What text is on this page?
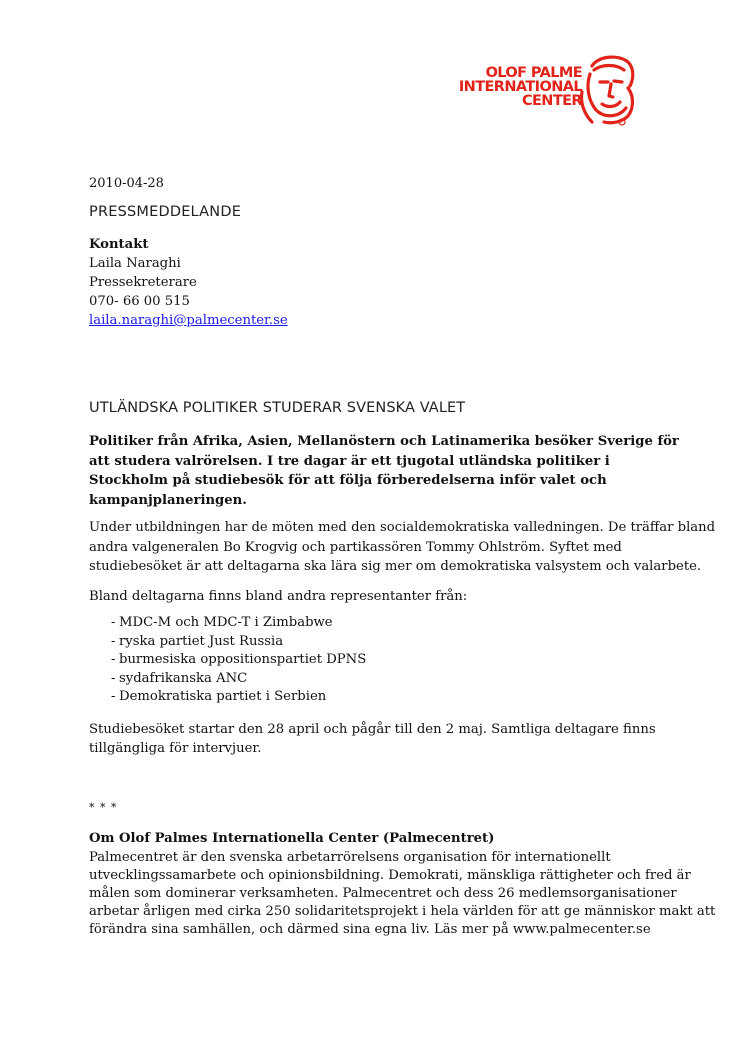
OLOF PALME
INTERNATIONAL
CENTER
2010-04-28
PRESSMEDDELANDE
Kontakt
Laila Naraghi
Pressekreterare
070- 66 00 515
laila.naraghi@palmecenter.se
UTLÄNDSKA POLITIKER STUDERAR SVENSKA VALET
Politiker från Afrika, Asien, Mellanöstern och Latinamerika besöker Sverige för
att studera valrörelsen. I tre dagar är ett tjugotal utländska politiker i
Stockholm på studiebesök för att följa förberedelserna inför valet och
kampanjplaneringen.
Under utbildningen har de möten med den socialdemokratiska valledningen. De träffar bland
andra valgeneralen Bo Krogvig och partikassören Tommy Ohlström. Syftet med
studiebesöket är att deltagarna ska lära sig mer om demokratiska valsystem och valarbete.
Bland deltagarna finns bland andra representanter från:
- MDC-M och MDC-T i Zimbabwe
- ryska partiet Just Russia
- burmesiska oppositionspartiet DPNS
- sydafrikanska ANC
- Demokratiska partiet i Serbien
Studiebesöket startar den 28 april och pågår till den 2 maj. Samtliga deltagare finns
tillgängliga för intervjuer.
* * *
Om Olof Palmes Internationella Center (Palmecentret)
Palmecentret är den svenska arbetarrörelsens organisation för internationellt
utvecklingssamarbete och opinionsbildning. Demokrati, mänskliga rättigheter och fred är
målen som dominerar verksamheten. Palmecentret och dess 26 medlemsorganisationer
arbetar årligen med cirka 250 solidaritetsprojekt i hela världen för att ge människor makt att
förändra sina samhällen, och därmed sina egna liv. Läs mer på www.palmecenter.se
